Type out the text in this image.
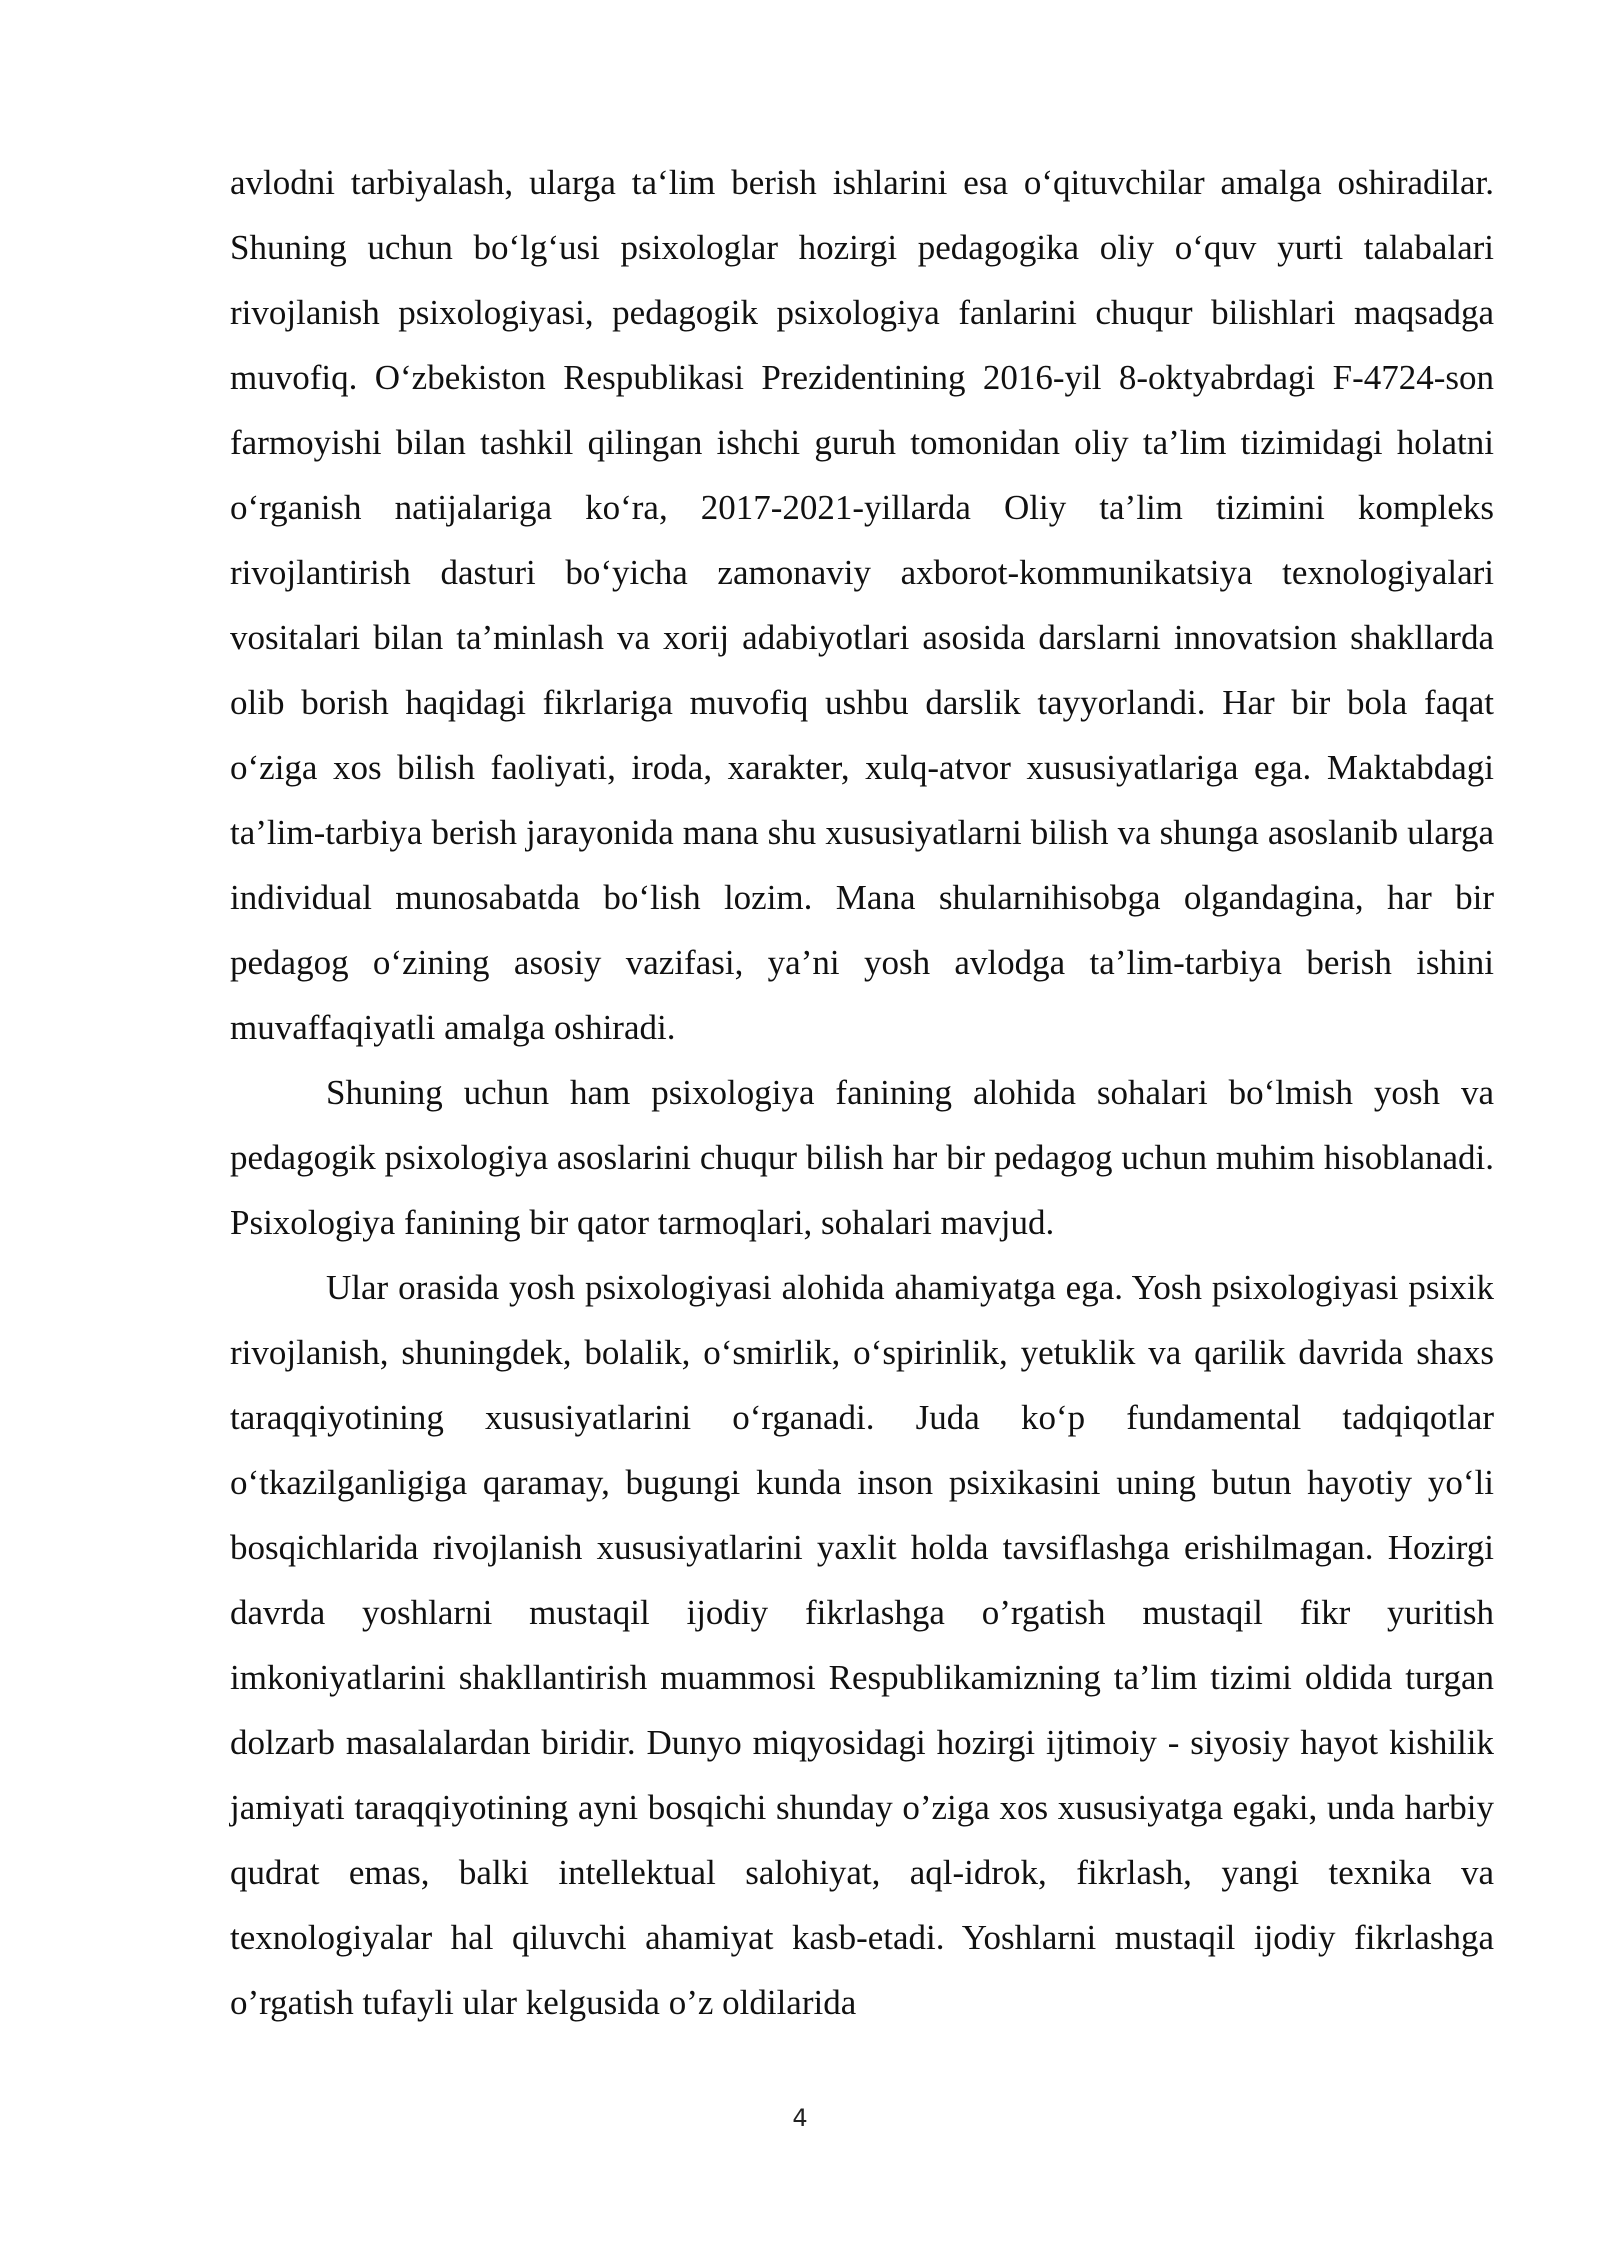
avlodni tarbiyalash, ularga ta‘lim berish ishlarini esa o‘qituvchilar amalga oshiradilar. Shuning uchun bo‘lg‘usi psixologlar hozirgi pedagogika oliy o‘quv yurti talabalari rivojlanish psixologiyasi, pedagogik psixologiya fanlarini chuqur bilishlari maqsadga muvofiq. O‘zbekiston Respublikasi Prezidentining 2016-yil 8-oktyabrdagi F-4724-son farmoyishi bilan tashkil qilingan ishchi guruh tomonidan oliy ta’lim tizimidagi holatni o‘rganish natijalariga ko‘ra, 2017-2021-yillarda Oliy ta’lim tizimini kompleks rivojlantirish dasturi bo‘yicha zamonaviy axborot-kommunikatsiya texnologiyalari vositalari bilan ta’minlash va xorij adabiyotlari asosida darslarni innovatsion shakllarda olib borish haqidagi fikrlariga muvofiq ushbu darslik tayyorlandi. Har bir bola faqat o‘ziga xos bilish faoliyati, iroda, xarakter, xulq-atvor xususiyatlariga ega. Maktabdagi ta’lim-tarbiya berish jarayonida mana shu xususiyatlarni bilish va shunga asoslanib ularga individual munosabatda bo‘lish lozim. Mana shularnihisobga olgandagina, har bir pedagog o‘zining asosiy vazifasi, ya’ni yosh avlodga ta’lim-tarbiya berish ishini muvaffaqiyatli amalga oshiradi.

Shuning uchun ham psixologiya fanining alohida sohalari bo‘lmish yosh va pedagogik psixologiya asoslarini chuqur bilish har bir pedagog uchun muhim hisoblanadi. Psixologiya fanining bir qator tarmoqlari, sohalari mavjud.

Ular orasida yosh psixologiyasi alohida ahamiyatga ega. Yosh psixologiyasi psixik rivojlanish, shuningdek, bolalik, o‘smirlik, o‘spirinlik, yetuklik va qarilik davrida shaxs taraqqiyotining xususiyatlarini o‘rganadi. Juda ko‘p fundamental tadqiqotlar o‘tkazilganligiga qaramay, bugungi kunda inson psixikasini uning butun hayotiy yo‘li bosqichlarida rivojlanish xususiyatlarini yaxlit holda tavsiflashga erishilmagan. Hozirgi davrda yoshlarni mustaqil ijodiy fikrlashga o’rgatish mustaqil fikr yuritish imkoniyatlarini shakllantirish muammosi Respublikamizning ta’lim tizimi oldida turgan dolzarb masalalardan biridir. Dunyo miqyosidagi hozirgi ijtimoiy - siyosiy hayot kishilik jamiyati taraqqiyotining ayni bosqichi shunday o’ziga xos xususiyatga egaki, unda harbiy qudrat emas, balki intellektual salohiyat, aql-idrok, fikrlash, yangi texnika va texnologiyalar hal qiluvchi ahamiyat kasb-etadi. Yoshlarni mustaqil ijodiy fikrlashga o’rgatish tufayli ular kelgusida o’z oldilarida

4
